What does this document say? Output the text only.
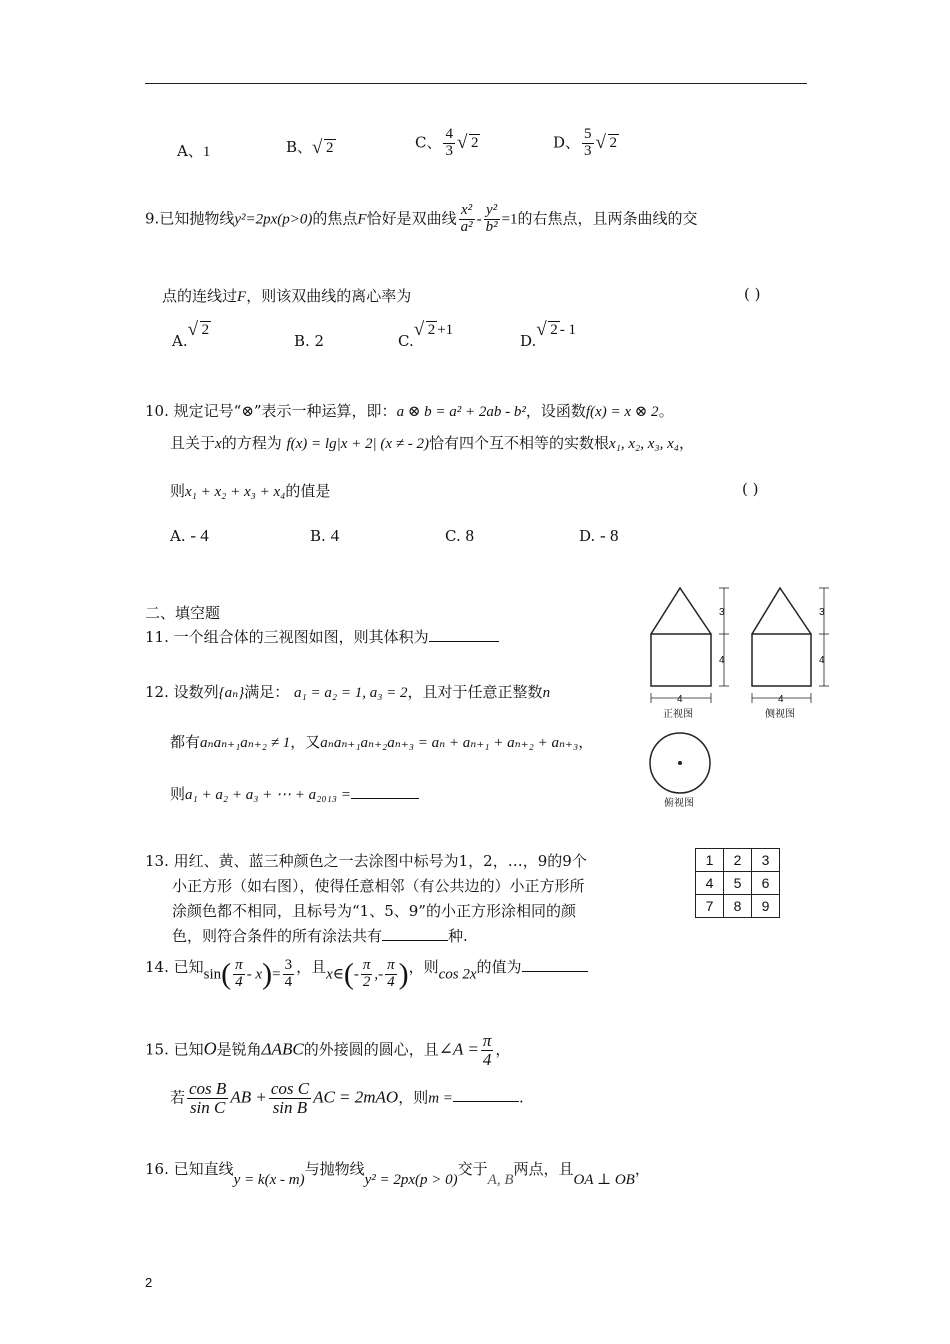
A、1	B、 √ 2	C、 $\frac{4}{3}$ √ 2	D、 $\frac{5}{3}$ √ 2
9.已知抛物线y²=2px(p>0)的焦点F恰好是双曲线 $\frac{\text{x²}}{\text{a²}} - \frac{\text{y²}}{\text{b²}} =1$的右焦点，且两条曲线的交
点的连线过F，则该双曲线的离心率为	( )
A.√ 2
B. 2	C.√ 2 +1
D.√ 2 - 1
10. 规定记号“⊗”表示一种运算，即：a ⊗ b = a² + 2ab - b²，设函数f(x) = x ⊗ 2。
且关于x的方程为 f(x) = lg|x + 2| (x ≠ - 2)恰有四个互不相等的实数根x₁, x₂, x₃, x₄，
则x₁ + x₂ + x₃ + x₄的值是	( )
A. - 4	B. 4	C. 8	D. - 8
二、填空题
11. 一个组合体的三视图如图，则其体积为
3
4
3
4
4	4
正视图	侧视图
俯视图
12. 设数列{aₙ}满足： a₁ = a₂ = 1, a₃ = 2，且对于任意正整数n
都有aₙaₙ₊₁aₙ₊₂ ≠ 1，又aₙaₙ₊₁aₙ₊₂aₙ₊₃ = aₙ + aₙ₊₁ + aₙ₊₂ + aₙ₊₃，
则a₁ + a₂ + a₃ + ⋯ + a₂₀₁₃ =
13. 用红、黄、蓝三种颜色之一去涂图中标号为1，2，…，9的9个
小正方形（如右图），使得任意相邻（有公共边的）小正方形所
涂颜色都不相同，且标号为“1、5、9”的小正方形涂相同的颜
色，则符合条件的所有涂法共有	种.
1	2	3
4	5	6
7	8	9
14. 已知$\sin( \frac{\pi}{4} - x)= \frac{3}{4}$ ，且x∈(- $\frac{\pi}{2}$ ,- $\frac{\pi}{4}$ )，则cos 2x的值为
15. 已知O是锐角ΔABC的外接圆的圆心，且∠A = $\frac{\pi}{4}$ ，
若 $\frac{\text{cos B}}{\text{sin C}}$ AB + $\frac{\text{cos C}}{\text{sin B}}$ AC = 2mAO，则m =	.
16. 已知直线y = k(x - m)与抛物线y² = 2px(p > 0)交于A, B两点，且OA ⊥ OB，
2
